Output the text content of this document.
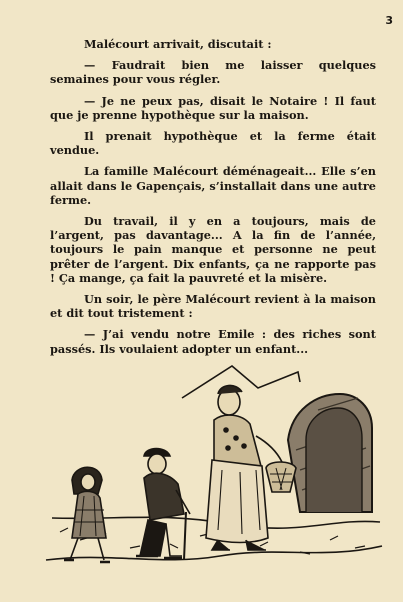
3

Malécourt arrivait, discutait :

— Faudrait bien me laisser quelques semaines pour vous régler.

— Je ne peux pas, disait le Notaire ! Il faut que je prenne hypothèque sur la maison.

Il prenait hypothèque et la ferme était vendue.

La famille Malécourt déménageait... Elle s’en allait dans le Gapençais, s’installait dans une autre ferme.

Du travail, il y en a toujours, mais de l’argent, pas davantage... A la fin de l’année, toujours le pain manque et personne ne peut prêter de l’argent. Dix enfants, ça ne rapporte pas ! Ça mange, ça fait la pauvreté et la misère.

Un soir, le père Malécourt revient à la maison et dit tout tristement :

— J’ai vendu notre Emile : des riches sont passés. Ils voulaient adopter un enfant...
